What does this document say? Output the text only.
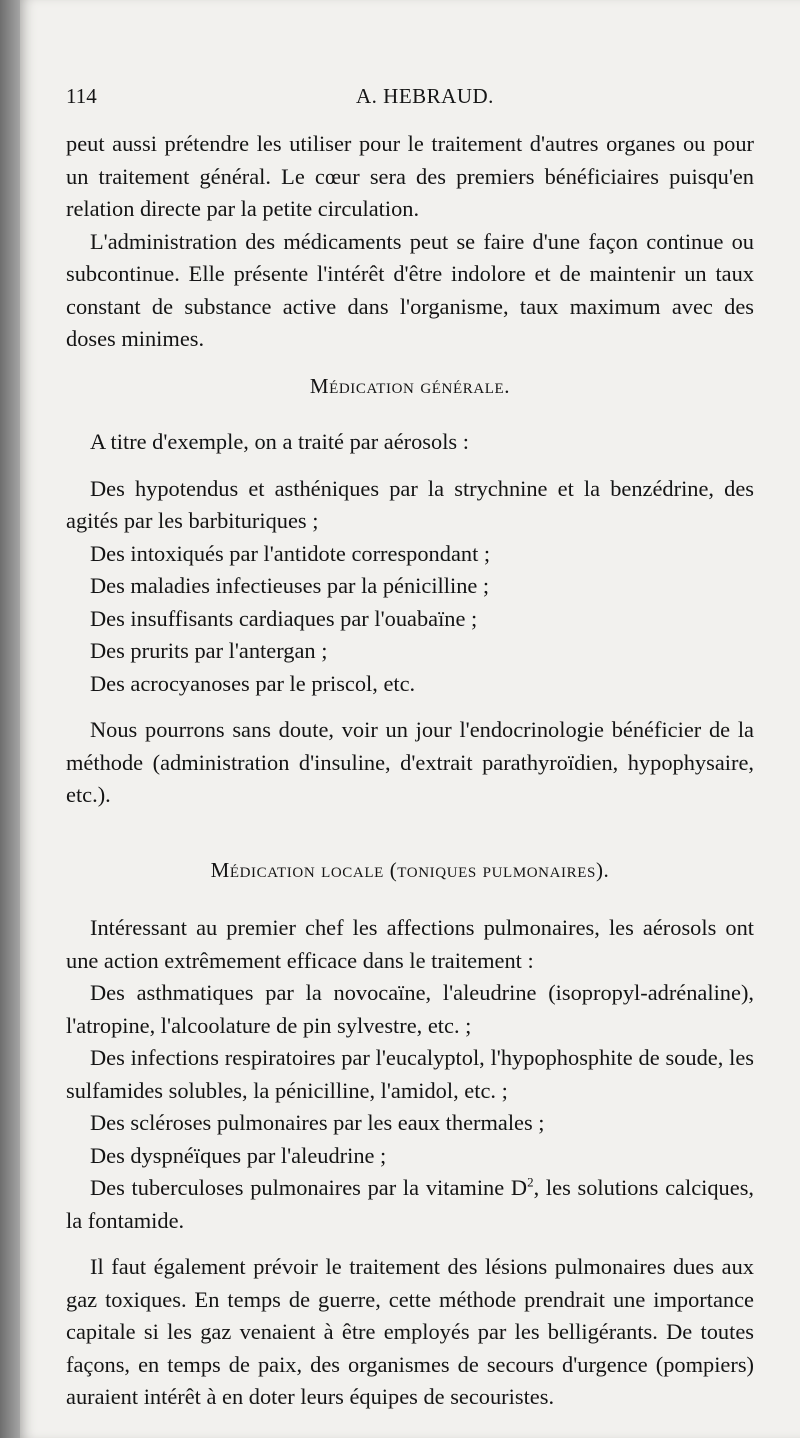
114	A. HEBRAUD.

peut aussi prétendre les utiliser pour le traitement d'autres organes ou pour un traitement général. Le cœur sera des premiers bénéficiaires puisqu'en relation directe par la petite circulation.

L'administration des médicaments peut se faire d'une façon continue ou subcontinue. Elle présente l'intérêt d'être indolore et de maintenir un taux constant de substance active dans l'organisme, taux maximum avec des doses minimes.

Médication générale.

A titre d'exemple, on a traité par aérosols :

Des hypotendus et asthéniques par la strychnine et la benzédrine, des agités par les barbituriques ;

Des intoxiqués par l'antidote correspondant ;

Des maladies infectieuses par la pénicilline ;

Des insuffisants cardiaques par l'ouabaïne ;

Des prurits par l'antergan ;

Des acrocyanoses par le priscol, etc.

Nous pourrons sans doute, voir un jour l'endocrinologie bénéficier de la méthode (administration d'insuline, d'extrait parathyroïdien, hypophysaire, etc.).

Médication locale (toniques pulmonaires).

Intéressant au premier chef les affections pulmonaires, les aérosols ont une action extrêmement efficace dans le traitement :

Des asthmatiques par la novocaïne, l'aleudrine (isopropyl-adrénaline), l'atropine, l'alcoolature de pin sylvestre, etc. ;

Des infections respiratoires par l'eucalyptol, l'hypophosphite de soude, les sulfamides solubles, la pénicilline, l'amidol, etc. ;

Des scléroses pulmonaires par les eaux thermales ;

Des dyspnéïques par l'aleudrine ;

Des tuberculoses pulmonaires par la vitamine $D^2$, les solutions calciques, la fontamide.

Il faut également prévoir le traitement des lésions pulmonaires dues aux gaz toxiques. En temps de guerre, cette méthode prendrait une importance capitale si les gaz venaient à être employés par les belligérants. De toutes façons, en temps de paix, des organismes de secours d'urgence (pompiers) auraient intérêt à en doter leurs équipes de secouristes.
